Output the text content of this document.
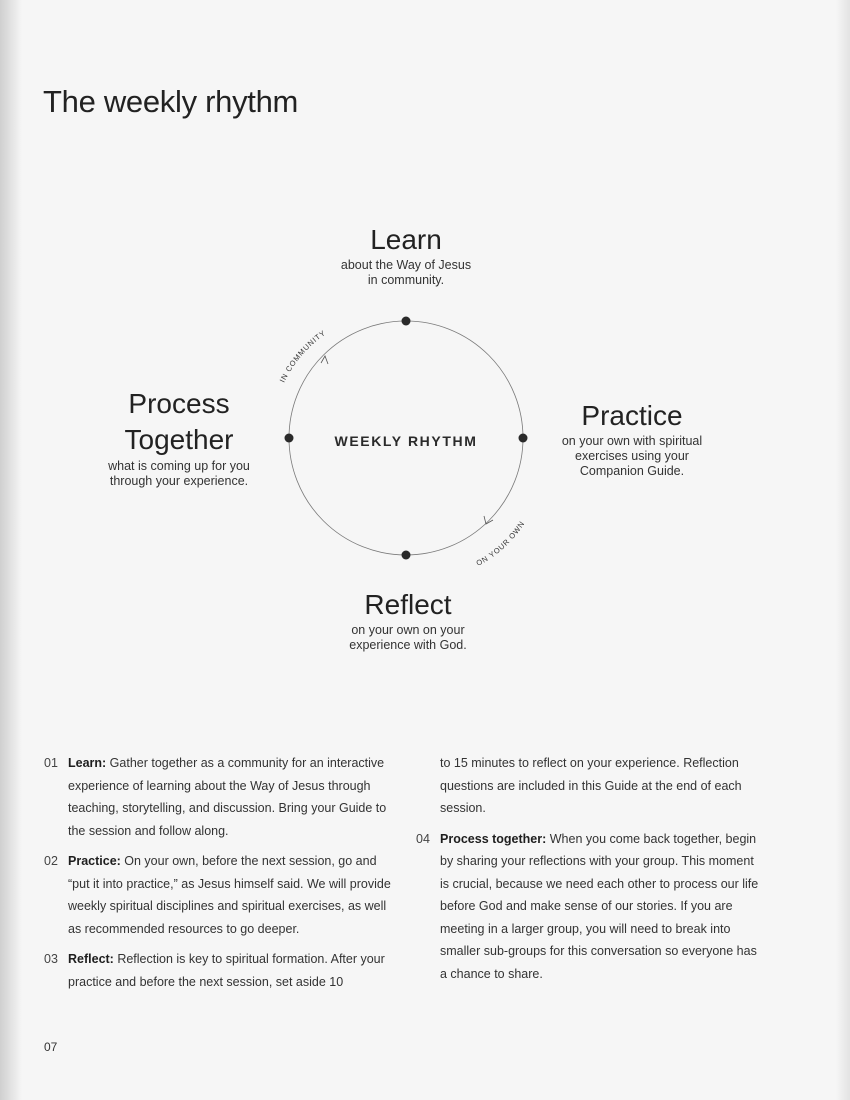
The weekly rhythm
IN COMMUNITY
ON YOUR OWN
WEEKLY RHYTHM
Learn
about the Way of Jesus
in community.
Practice
on your own with spiritual
exercises using your
Companion Guide.
Reflect
on your own on your
experience with God.
Process
Together
what is coming up for you
through your experience.
01 Learn: Gather together as a community for an interactive experience of learning about the Way of Jesus through teaching, storytelling, and discussion. Bring your Guide to the session and follow along.
02 Practice: On your own, before the next session, go and “put it into practice,” as Jesus himself said. We will provide weekly spiritual disciplines and spiritual exercises, as well as recommended resources to go deeper.
03 Reflect: Reflection is key to spiritual formation. After your practice and before the next session, set aside 10
to 15 minutes to reflect on your experience. Reflection questions are included in this Guide at the end of each session.
04 Process together: When you come back together, begin by sharing your reflections with your group. This moment is crucial, because we need each other to process our life before God and make sense of our stories. If you are meeting in a larger group, you will need to break into smaller sub-groups for this conversation so everyone has a chance to share.
07
